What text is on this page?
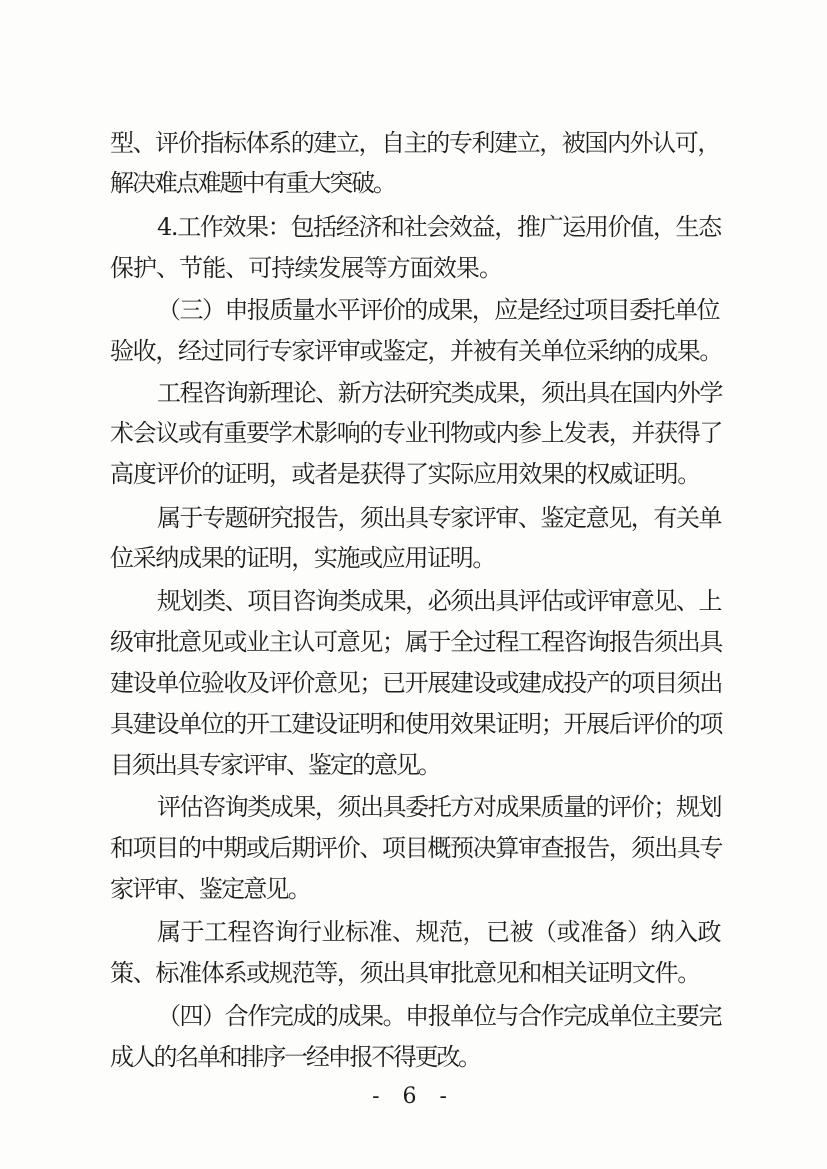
型、评价指标体系的建立，自主的专利建立，被国内外认可，
解决难点难题中有重大突破。
4.工作效果：包括经济和社会效益，推广运用价值，生态
保护、节能、可持续发展等方面效果。
（三）申报质量水平评价的成果，应是经过项目委托单位
验收，经过同行专家评审或鉴定，并被有关单位采纳的成果。
工程咨询新理论、新方法研究类成果，须出具在国内外学
术会议或有重要学术影响的专业刊物或内参上发表，并获得了
高度评价的证明，或者是获得了实际应用效果的权威证明。
属于专题研究报告，须出具专家评审、鉴定意见，有关单
位采纳成果的证明，实施或应用证明。
规划类、项目咨询类成果，必须出具评估或评审意见、上
级审批意见或业主认可意见；属于全过程工程咨询报告须出具
建设单位验收及评价意见；已开展建设或建成投产的项目须出
具建设单位的开工建设证明和使用效果证明；开展后评价的项
目须出具专家评审、鉴定的意见。
评估咨询类成果，须出具委托方对成果质量的评价；规划
和项目的中期或后期评价、项目概预决算审查报告，须出具专
家评审、鉴定意见。
属于工程咨询行业标准、规范，已被（或准备）纳入政
策、标准体系或规范等，须出具审批意见和相关证明文件。
（四）合作完成的成果。申报单位与合作完成单位主要完
成人的名单和排序一经申报不得更改。
- 6 -
